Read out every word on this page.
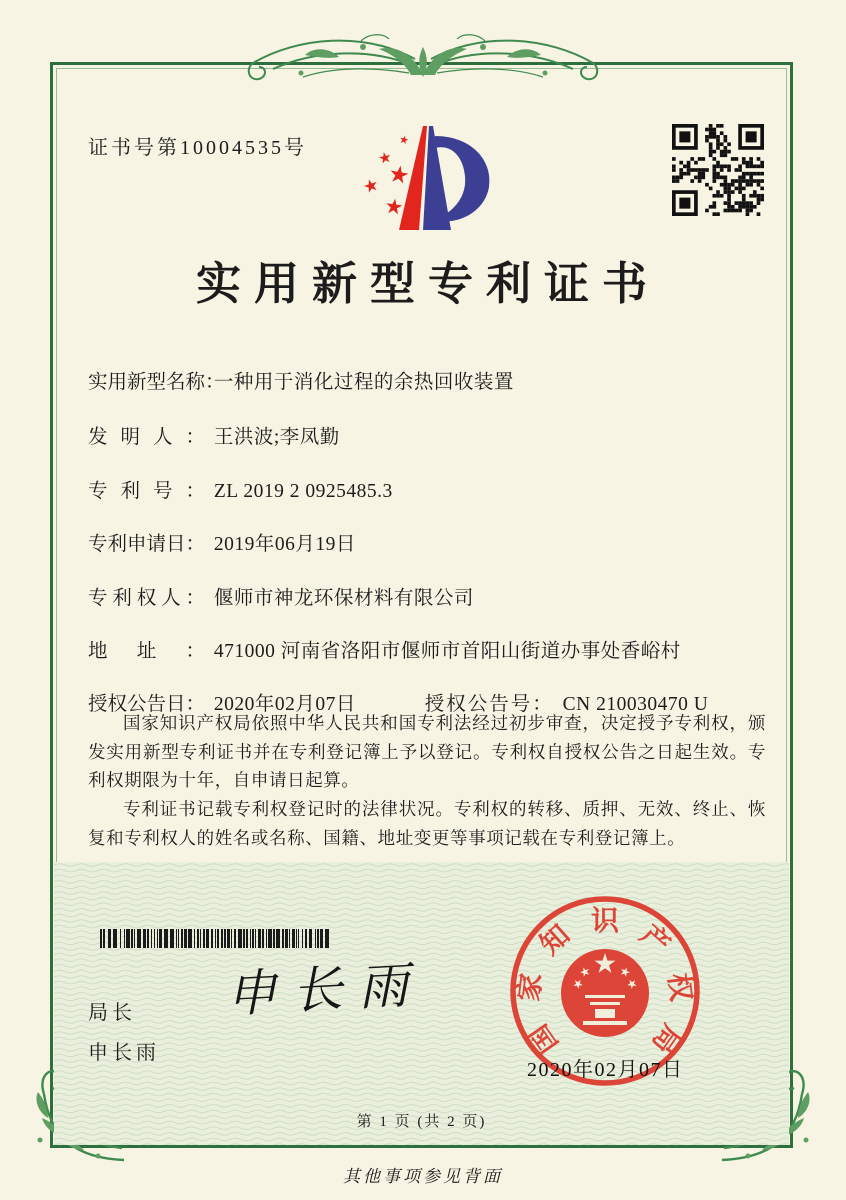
证书号第10004535号
实用新型专利证书
实用新型名称： 一种用于消化过程的余热回收装置
发明人： 王洪波;李凤勤
专利号： ZL 2019 2 0925485.3
专利申请日： 2019年06月19日
专利权人： 偃师市神龙环保材料有限公司
地址： 471000 河南省洛阳市偃师市首阳山街道办事处香峪村
授权公告日： 2020年02月07日	授权公告号： CN 210030470 U

国家知识产权局依照中华人民共和国专利法经过初步审查，决定授予专利权，颁发实用新型专利证书并在专利登记簿上予以登记。专利权自授权公告之日起生效。专利权期限为十年，自申请日起算。

专利证书记载专利权登记时的法律状况。专利权的转移、质押、无效、终止、恢复和专利权人的姓名或名称、国籍、地址变更等事项记载在专利登记簿上。

局长
申长雨
申长雨
国
家
知 识 产
权
局
2020年02月07日
第 1 页 (共 2 页)
其他事项参见背面
